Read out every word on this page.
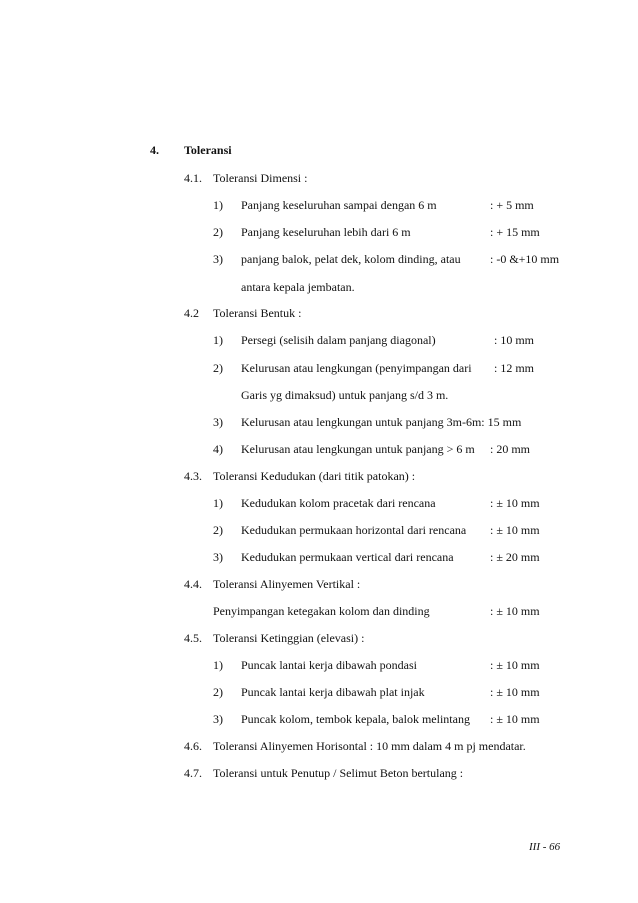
4. Toleransi
4.1. Toleransi Dimensi :
1) Panjang keseluruhan sampai dengan 6 m	: + 5 mm
2) Panjang keseluruhan lebih dari 6 m	: + 15 mm
3) panjang balok, pelat dek, kolom dinding, atau : -0 &+10 mm
antara kepala jembatan.
4.2 Toleransi Bentuk :
1) Persegi (selisih dalam panjang diagonal)	: 10 mm
2) Kelurusan atau lengkungan (penyimpangan dari : 12 mm
Garis yg dimaksud) untuk panjang s/d 3 m.
3) Kelurusan atau lengkungan untuk panjang 3m-6m: 15 mm
4) Kelurusan atau lengkungan untuk panjang > 6 m : 20 mm
4.3. Toleransi Kedudukan (dari titik patokan) :
1) Kedudukan kolom pracetak dari rencana	: ± 10 mm
2) Kedudukan permukaan horizontal dari rencana : ± 10 mm
3) Kedudukan permukaan vertical dari rencana	: ± 20 mm
4.4. Toleransi Alinyemen Vertikal :
Penyimpangan ketegakan kolom dan dinding	: ± 10 mm
4.5. Toleransi Ketinggian (elevasi) :
1) Puncak lantai kerja dibawah pondasi	: ± 10 mm
2) Puncak lantai kerja dibawah plat injak	: ± 10 mm
3) Puncak kolom, tembok kepala, balok melintang : ± 10 mm
4.6. Toleransi Alinyemen Horisontal : 10 mm dalam 4 m pj mendatar.
4.7. Toleransi untuk Penutup / Selimut Beton bertulang :
III - 66
